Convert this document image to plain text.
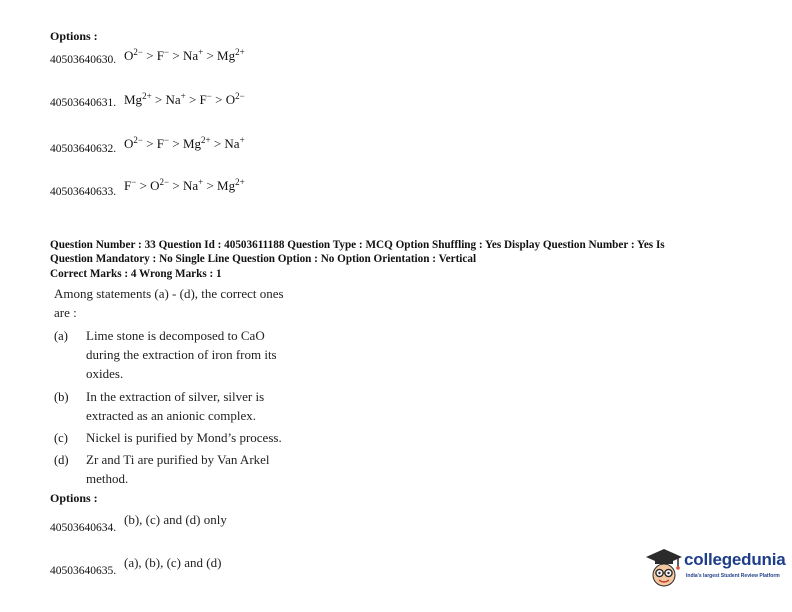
Options :
40503640630. $O^{2-} > F^- > Na^+ > Mg^{2+}$
40503640631. $Mg^{2+} > Na^+ > F^- > O^{2-}$
40503640632. $O^{2-} > F^- > Mg^{2+} > Na^+$
40503640633. $F^- > O^{2-} > Na^+ > Mg^{2+}$
Question Number : 33 Question Id : 40503611188 Question Type : MCQ Option Shuffling : Yes Display Question Number : Yes Is
Question Mandatory : No Single Line Question Option : No Option Orientation : Vertical
Correct Marks : 4 Wrong Marks : 1
Among statements (a) - (d), the correct ones
are :
(a) Lime stone is decomposed to CaO
during the extraction of iron from its
oxides.
(b) In the extraction of silver, silver is
extracted as an anionic complex.
(c) Nickel is purified by Mond’s process.
(d) Zr and Ti are purified by Van Arkel
method.
Options :
40503640634.
(b), (c) and (d) only
40503640635.
(a), (b), (c) and (d)	collegedunia
India's largest Student Review Platform
